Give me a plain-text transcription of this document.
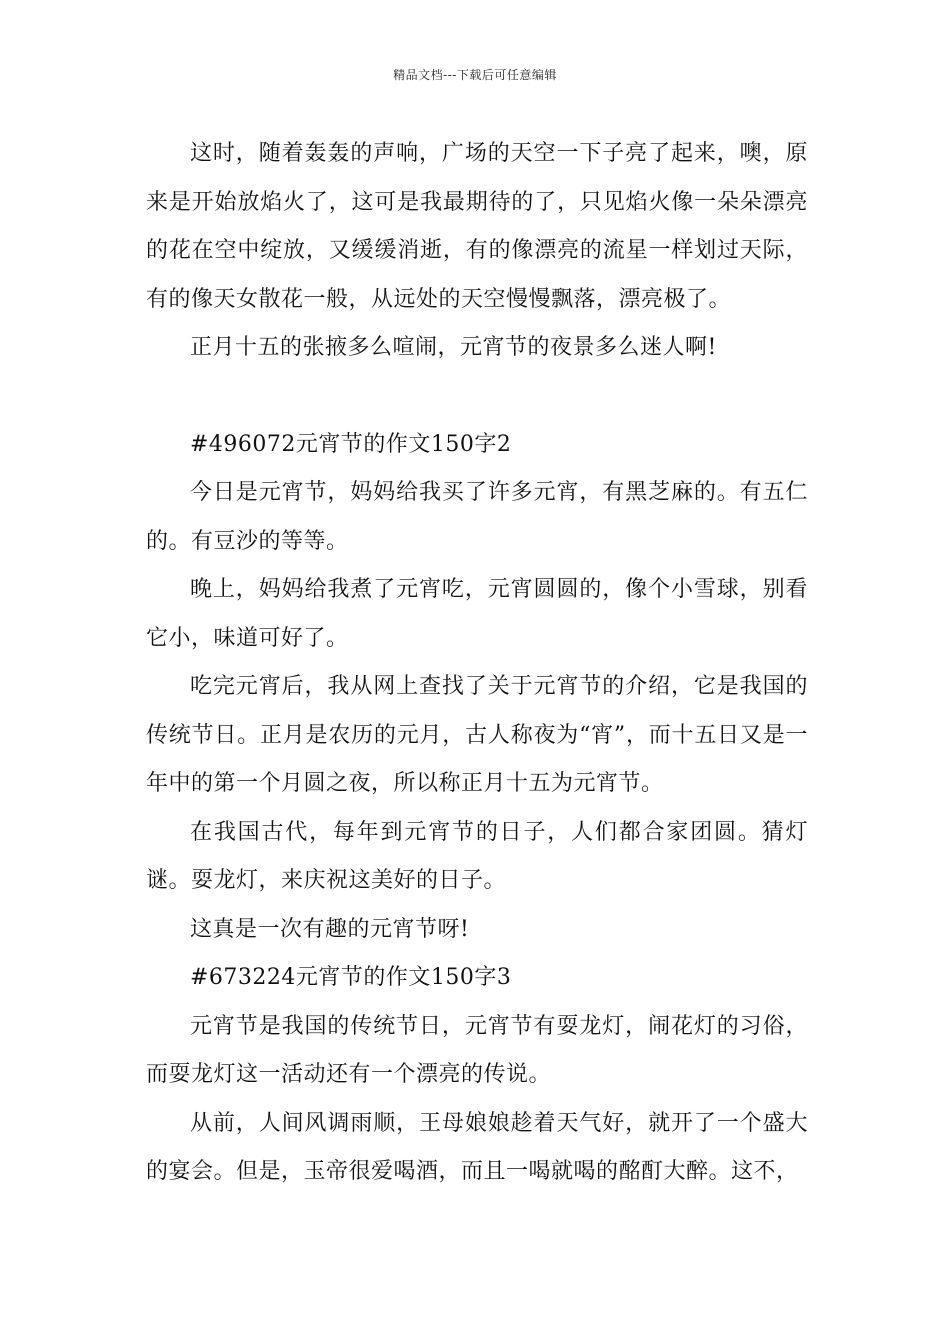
精品文档---下载后可任意编辑

这时，随着轰轰的声响，广场的天空一下子亮了起来，噢，原来是开始放焰火了，这可是我最期待的了，只见焰火像一朵朵漂亮的花在空中绽放，又缓缓消逝，有的像漂亮的流星一样划过天际，有的像天女散花一般，从远处的天空慢慢飘落，漂亮极了。

正月十五的张掖多么喧闹，元宵节的夜景多么迷人啊!

#496072元宵节的作文150字2

今日是元宵节，妈妈给我买了许多元宵，有黑芝麻的。有五仁的。有豆沙的等等。

晚上，妈妈给我煮了元宵吃，元宵圆圆的，像个小雪球，别看它小，味道可好了。

吃完元宵后，我从网上查找了关于元宵节的介绍，它是我国的传统节日。正月是农历的元月，古人称夜为“宵”，而十五日又是一年中的第一个月圆之夜，所以称正月十五为元宵节。

在我国古代，每年到元宵节的日子，人们都合家团圆。猜灯谜。耍龙灯，来庆祝这美好的日子。

这真是一次有趣的元宵节呀!

#673224元宵节的作文150字3

元宵节是我国的传统节日，元宵节有耍龙灯，闹花灯的习俗，而耍龙灯这一活动还有一个漂亮的传说。

从前，人间风调雨顺，王母娘娘趁着天气好，就开了一个盛大的宴会。但是，玉帝很爱喝酒，而且一喝就喝的酩酊大醉。这不，
